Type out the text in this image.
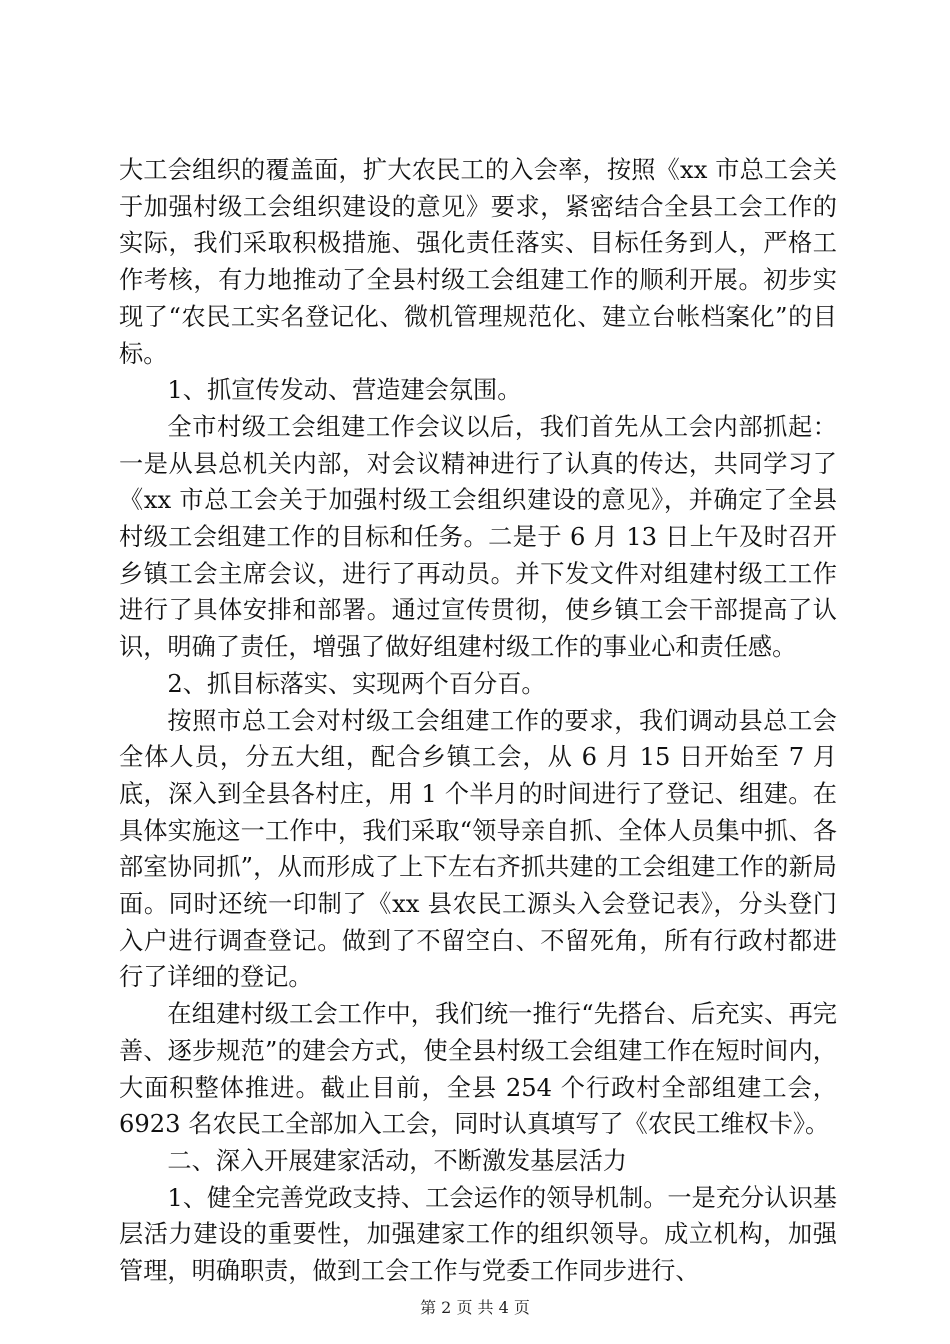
大工会组织的覆盖面，扩大农民工的入会率，按照《xx 市总工会关于加强村级工会组织建设的意见》要求，紧密结合全县工会工作的实际，我们采取积极措施、强化责任落实、目标任务到人，严格工作考核，有力地推动了全县村级工会组建工作的顺利开展。初步实现了“农民工实名登记化、微机管理规范化、建立台帐档案化”的目标。

1、抓宣传发动、营造建会氛围。

全市村级工会组建工作会议以后，我们首先从工会内部抓起：一是从县总机关内部，对会议精神进行了认真的传达，共同学习了《xx 市总工会关于加强村级工会组织建设的意见》，并确定了全县村级工会组建工作的目标和任务。二是于 6 月 13 日上午及时召开乡镇工会主席会议，进行了再动员。并下发文件对组建村级工工作进行了具体安排和部署。通过宣传贯彻，使乡镇工会干部提高了认识，明确了责任，增强了做好组建村级工作的事业心和责任感。

2、抓目标落实、实现两个百分百。

按照市总工会对村级工会组建工作的要求，我们调动县总工会全体人员，分五大组，配合乡镇工会，从 6 月 15 日开始至 7 月底，深入到全县各村庄，用 1 个半月的时间进行了登记、组建。在具体实施这一工作中，我们采取“领导亲自抓、全体人员集中抓、各部室协同抓”，从而形成了上下左右齐抓共建的工会组建工作的新局面。同时还统一印制了《xx 县农民工源头入会登记表》，分头登门入户进行调查登记。做到了不留空白、不留死角，所有行政村都进行了详细的登记。

在组建村级工会工作中，我们统一推行“先搭台、后充实、再完善、逐步规范”的建会方式，使全县村级工会组建工作在短时间内，大面积整体推进。截止目前，全县 254 个行政村全部组建工会，6923 名农民工全部加入工会，同时认真填写了《农民工维权卡》。

二、深入开展建家活动，不断激发基层活力

1、健全完善党政支持、工会运作的领导机制。一是充分认识基层活力建设的重要性，加强建家工作的组织领导。成立机构，加强管理，明确职责，做到工会工作与党委工作同步进行、

第 2 页 共 4 页
